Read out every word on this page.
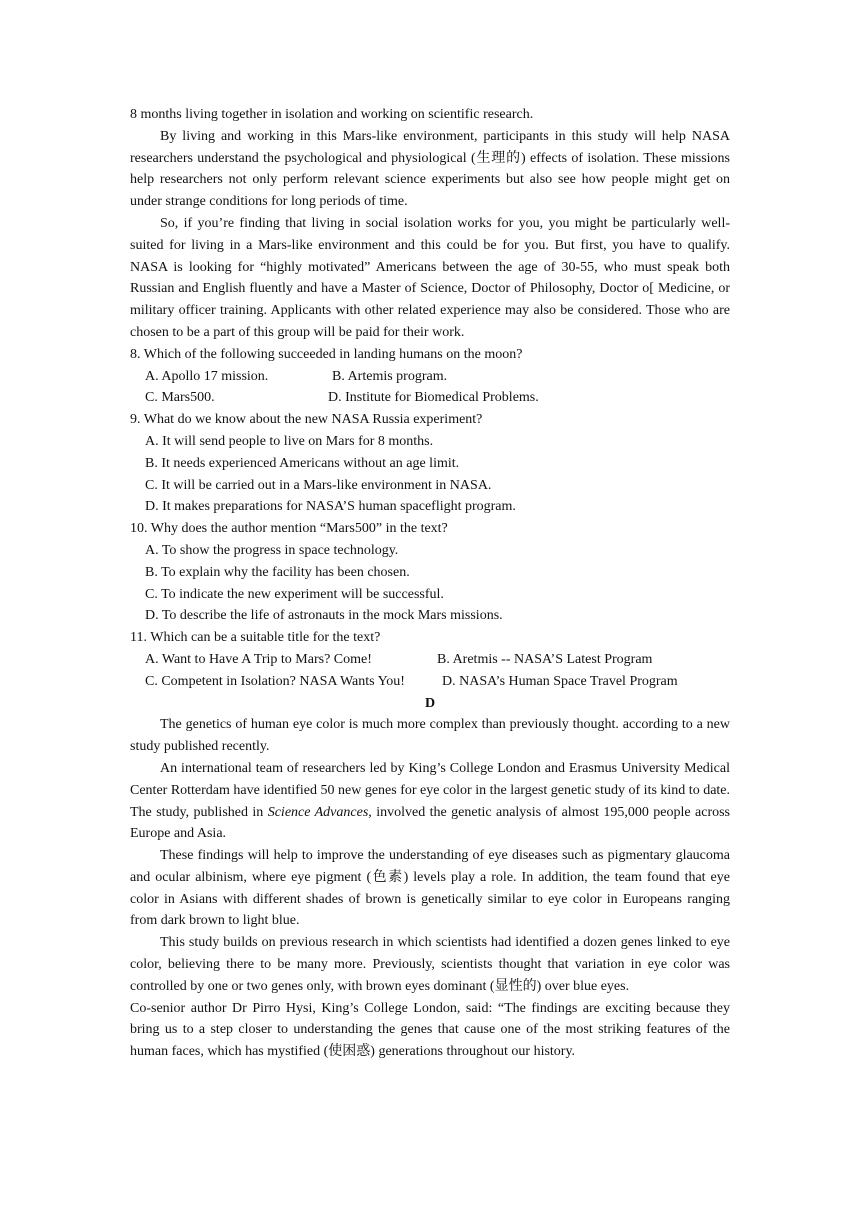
8 months living together in isolation and working on scientific research.

By living and working in this Mars-like environment, participants in this study will help NASA researchers understand the psychological and physiological (生理的) effects of isolation. These missions help researchers not only perform relevant science experiments but also see how people might get on under strange conditions for long periods of time.

So, if you’re finding that living in social isolation works for you, you might be particularly well-suited for living in a Mars-like environment and this could be for you. But first, you have to qualify. NASA is looking for “highly motivated” Americans between the age of 30-55, who must speak both Russian and English fluently and have a Master of Science, Doctor of Philosophy, Doctor o[ Medicine, or military officer training. Applicants with other related experience may also be considered. Those who are chosen to be a part of this group will be paid for their work.

8. Which of the following succeeded in landing humans on the moon?

A. Apollo 17 mission.	B. Artemis program.
C. Mars500.	D. Institute for Biomedical Problems.

9. What do we know about the new NASA Russia experiment?

A. It will send people to live on Mars for 8 months.

B. It needs experienced Americans without an age limit.

C. It will be carried out in a Mars-like environment in NASA.

D. It makes preparations for NASA’S human spaceflight program.

10. Why does the author mention “Mars500” in the text?

A. To show the progress in space technology.

B. To explain why the facility has been chosen.

C. To indicate the new experiment will be successful.

D. To describe the life of astronauts in the mock Mars missions.

11. Which can be a suitable title for the text?

A. Want to Have A Trip to Mars? Come!	B. Aretmis -- NASA’S Latest Program
C. Competent in Isolation? NASA Wants You!	D. NASA’s Human Space Travel Program

D

The genetics of human eye color is much more complex than previously thought. according to a new study published recently.

An international team of researchers led by King’s College London and Erasmus University Medical Center Rotterdam have identified 50 new genes for eye color in the largest genetic study of its kind to date. The study, published in Science Advances, involved the genetic analysis of almost 195,000 people across Europe and Asia.

These findings will help to improve the understanding of eye diseases such as pigmentary glaucoma and ocular albinism, where eye pigment (色素) levels play a role. In addition, the team found that eye color in Asians with different shades of brown is genetically similar to eye color in Europeans ranging from dark brown to light blue.

This study builds on previous research in which scientists had identified a dozen genes linked to eye color, believing there to be many more. Previously, scientists thought that variation in eye color was controlled by one or two genes only, with brown eyes dominant (显性的) over blue eyes.

Co-senior author Dr Pirro Hysi, King’s College London, said: “The findings are exciting because they bring us to a step closer to understanding the genes that cause one of the most striking features of the human faces, which has mystified (使困惑) generations throughout our history.
